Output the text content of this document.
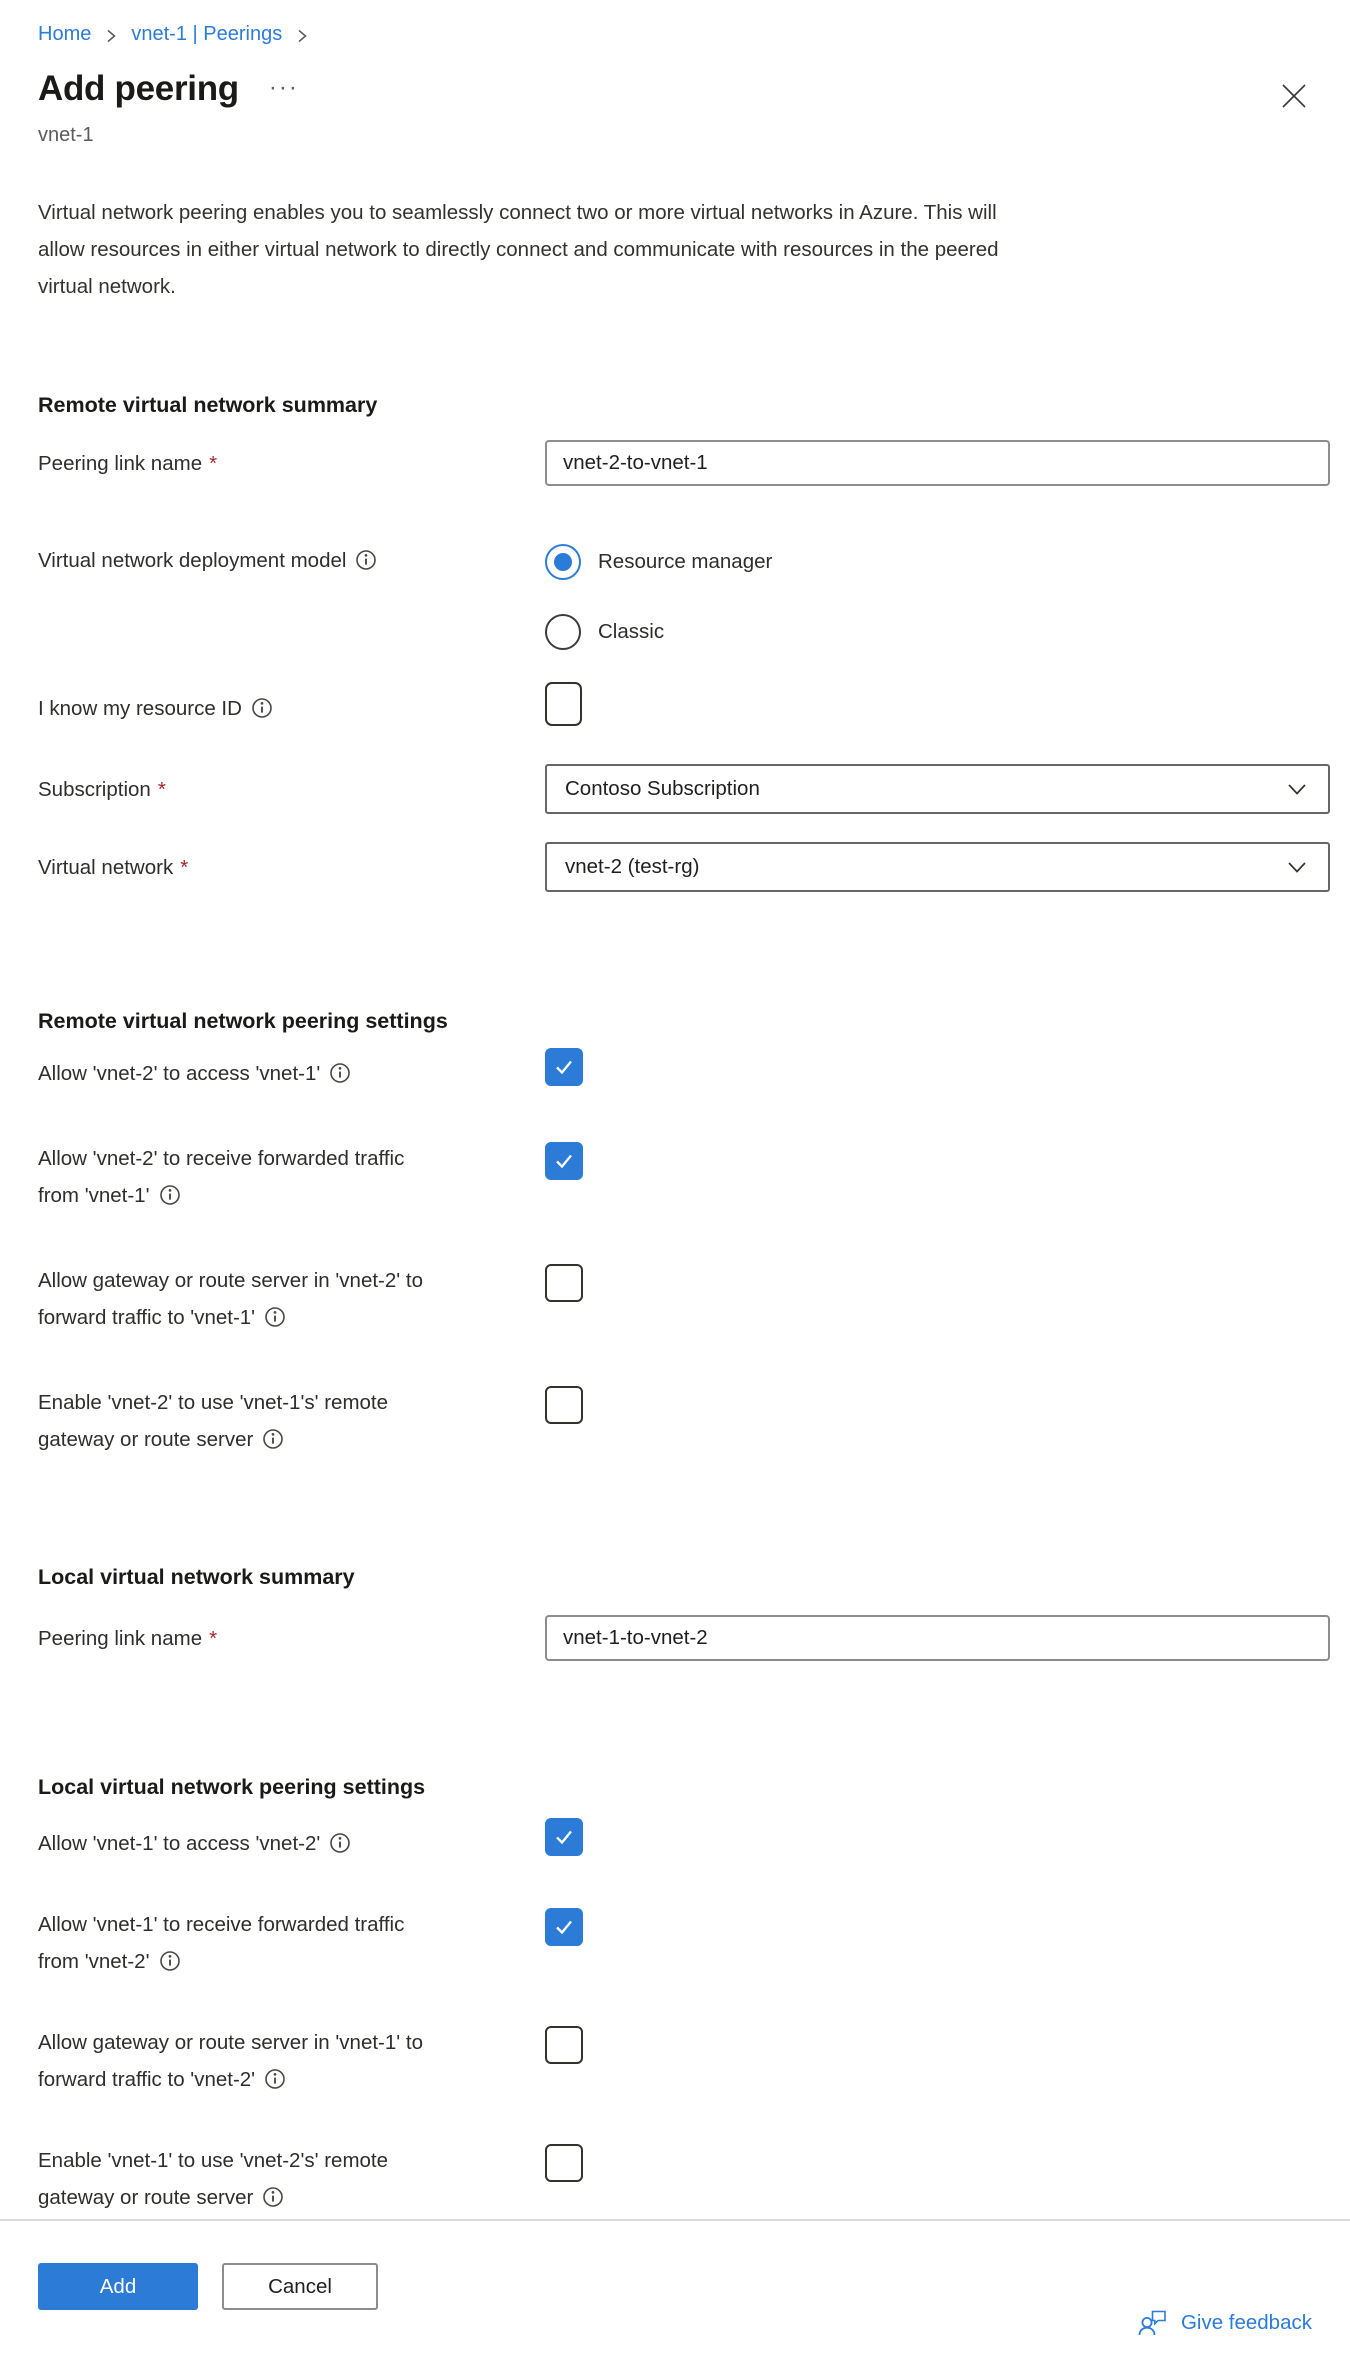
Home vnet-1 | Peerings
Add peering ···
vnet-1
Virtual network peering enables you to seamlessly connect two or more virtual networks in Azure. This will
allow resources in either virtual network to directly connect and communicate with resources in the peered
virtual network.
Remote virtual network summary
Peering link name *
vnet-2-to-vnet-1
Virtual network deployment model	Resource manager
Classic
I know my resource ID
Subscription *	Contoso Subscription
Virtual network *	vnet-2 (test-rg)
Remote virtual network peering settings
Allow 'vnet-2' to access 'vnet-1'
Allow 'vnet-2' to receive forwarded trafficfrom 'vnet-1'
Allow gateway or route server in 'vnet-2' toforward traffic to 'vnet-1'
Enable 'vnet-2' to use 'vnet-1's' remotegateway or route server
Local virtual network summary
Peering link name *
vnet-1-to-vnet-2
Local virtual network peering settings
Allow 'vnet-1' to access 'vnet-2'
Allow 'vnet-1' to receive forwarded trafficfrom 'vnet-2'
Allow gateway or route server in 'vnet-1' toforward traffic to 'vnet-2'
Enable 'vnet-1' to use 'vnet-2's' remotegateway or route server
Add	Cancel
Give feedback
